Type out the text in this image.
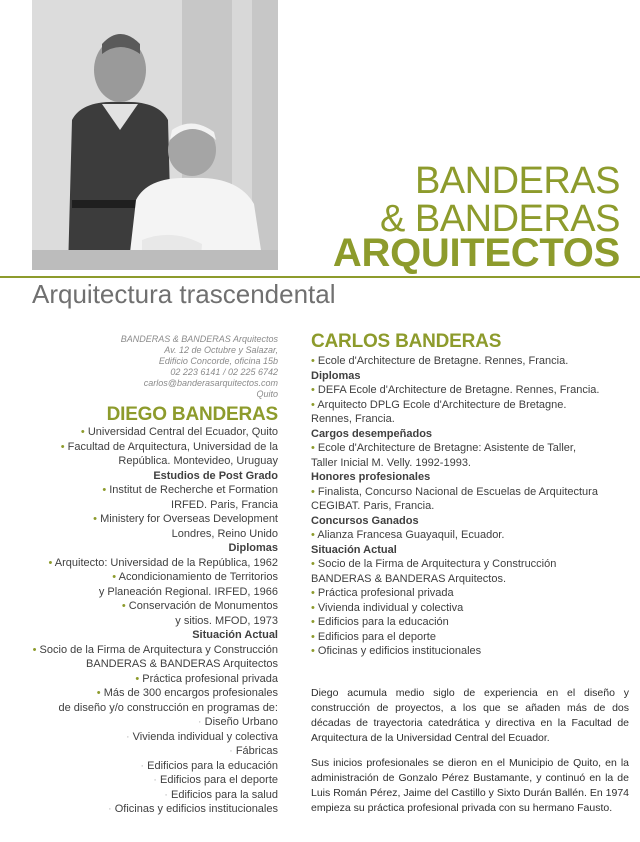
BANDERAS
& BANDERAS
ARQUITECTOS
Arquitectura trascendental
BANDERAS & BANDERAS Arquitectos
Av. 12 de Octubre y Salazar,
Edificio Concorde, oficina 15b
02 223 6141 / 02 225 6742
carlos@banderasarquitectos.com
Quito
DIEGO BANDERAS
• Universidad Central del Ecuador, Quito
• Facultad de Arquitectura, Universidad de la
República. Montevideo, Uruguay
Estudios de Post Grado
• Institut de Recherche et Formation
IRFED. Paris, Francia
• Ministery for Overseas Development
Londres, Reino Unido
Diplomas
• Arquitecto: Universidad de la República, 1962
• Acondicionamiento de Territorios
y Planeación Regional. IRFED, 1966
• Conservación de Monumentos
y sitios. MFOD, 1973
Situación Actual
• Socio de la Firma de Arquitectura y Construcción
BANDERAS & BANDERAS Arquitectos
• Práctica profesional privada
• Más de 300 encargos profesionales
de diseño y/o construcción en programas de:
· Diseño Urbano
· Vivienda individual y colectiva
· Fábricas
· Edificios para la educación
· Edificios para el deporte
· Edificios para la salud
· Oficinas y edificios institucionales
CARLOS BANDERAS
• Ecole d'Architecture de Bretagne. Rennes, Francia.
Diplomas
• DEFA Ecole d'Architecture de Bretagne. Rennes, Francia.
• Arquitecto DPLG Ecole d'Architecture de Bretagne.
Rennes, Francia.
Cargos desempeñados
• Ecole d'Architecture de Bretagne: Asistente de Taller,
Taller Inicial M. Velly. 1992-1993.
Honores profesionales
• Finalista, Concurso Nacional de Escuelas de Arquitectura
CEGIBAT. Paris, Francia.
Concursos Ganados
• Alianza Francesa Guayaquil, Ecuador.
Situación Actual
• Socio de la Firma de Arquitectura y Construcción
BANDERAS & BANDERAS Arquitectos.
• Práctica profesional privada
• Vivienda individual y colectiva
• Edificios para la educación
• Edificios para el deporte
• Oficinas y edificios institucionales
Diego acumula medio siglo de experiencia en el diseño y construcción de proyectos, a los que se añaden más de dos décadas de trayectoria catedrática y directiva en la Facultad de Arquitectura de la Universidad Central del Ecuador.
Sus inicios profesionales se dieron en el Municipio de Quito, en la administración de Gonzalo Pérez Bustamante, y continuó en la de Luis Román Pérez, Jaime del Castillo y Sixto Durán Ballén. En 1974 empieza su práctica profesional privada con su hermano Fausto.
